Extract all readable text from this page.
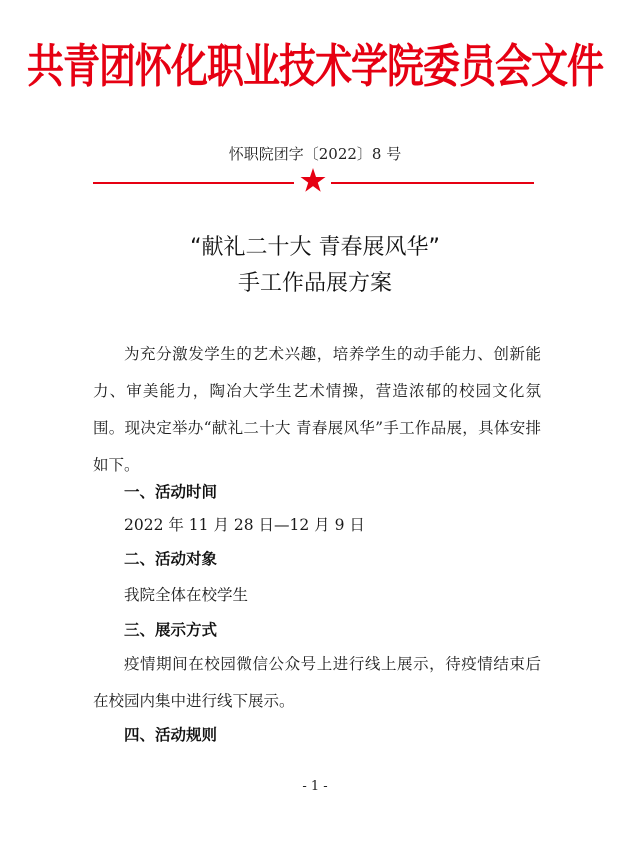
共青团怀化职业技术学院委员会文件
怀职院团字〔2022〕8 号
“献礼二十大 青春展风华”
手工作品展方案
为充分激发学生的艺术兴趣，培养学生的动手能力、创新能力、审美能力，陶冶大学生艺术情操，营造浓郁的校园文化氛围。现决定举办“献礼二十大 青春展风华”手工作品展，具体安排如下。
一、活动时间
2022 年 11 月 28 日—12 月 9 日
二、活动对象
我院全体在校学生
三、展示方式
疫情期间在校园微信公众号上进行线上展示，待疫情结束后在校园内集中进行线下展示。
四、活动规则
- 1 -
